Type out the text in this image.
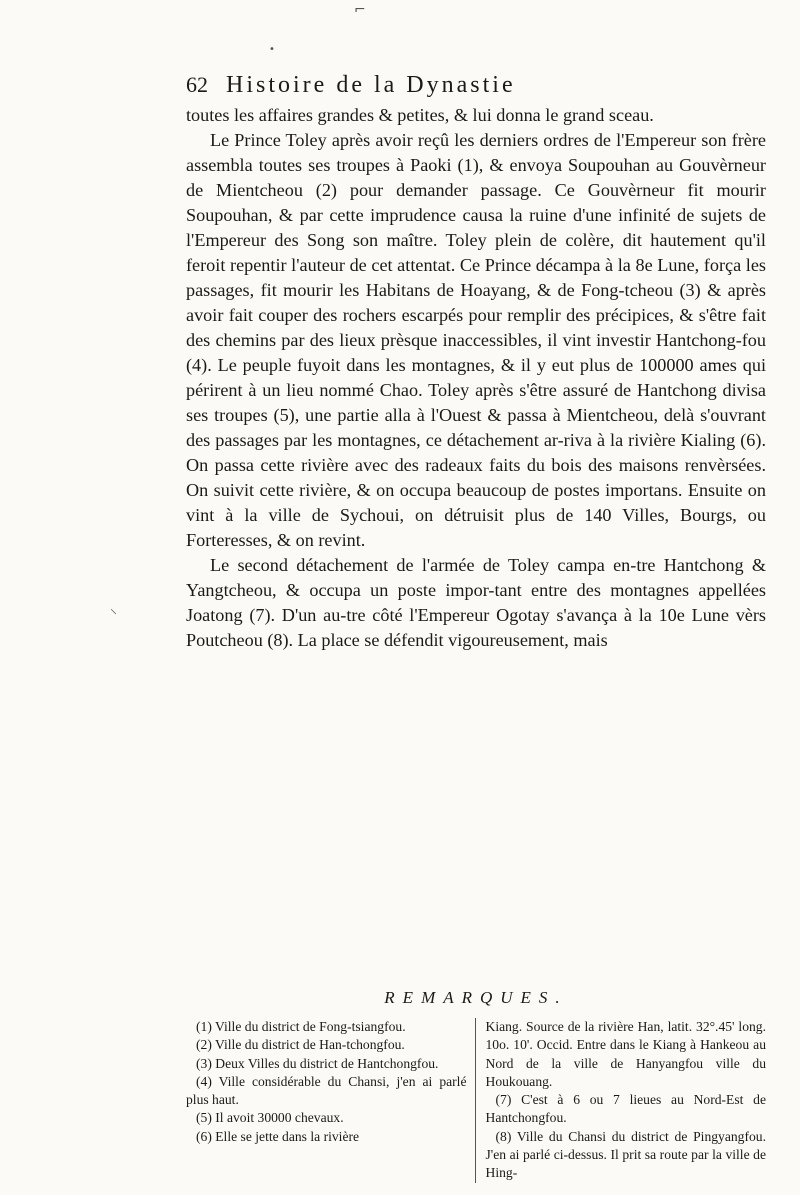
⌐
•
⸌
62 Histoire de la Dynastie

toutes les affaires grandes & petites, & lui donna le grand sceau.

Le Prince Toley après avoir reçû les derniers ordres de l'Empereur son frère assembla toutes ses troupes à Paoki (1), & envoya Soupouhan au Gouvèrneur de Mientcheou (2) pour demander passage. Ce Gouvèrneur fit mourir Soupouhan, & par cette imprudence causa la ruine d'une infinité de sujets de l'Empereur des Song son maître. Toley plein de colère, dit hautement qu'il feroit repentir l'auteur de cet attentat. Ce Prince décampa à la 8e Lune, força les passages, fit mourir les Habitans de Hoayang, & de Fong-tcheou (3) & après avoir fait couper des rochers escarpés pour remplir des précipices, & s'être fait des chemins par des lieux prèsque inaccessibles, il vint investir Hantchong-fou (4). Le peuple fuyoit dans les montagnes, & il y eut plus de 100000 ames qui périrent à un lieu nommé Chao. Toley après s'être assuré de Hantchong divisa ses troupes (5), une partie alla à l'Ouest & passa à Mientcheou, delà s'ouvrant des passages par les montagnes, ce détachement ar-riva à la rivière Kialing (6). On passa cette rivière avec des radeaux faits du bois des maisons renvèrsées. On suivit cette rivière, & on occupa beaucoup de postes importans. Ensuite on vint à la ville de Sychoui, on détruisit plus de 140 Villes, Bourgs, ou Forteresses, & on revint.

Le second détachement de l'armée de Toley campa en-tre Hantchong & Yangtcheou, & occupa un poste impor-tant entre des montagnes appellées Joatong (7). D'un au-tre côté l'Empereur Ogotay s'avança à la 10e Lune vèrs Poutcheou (8). La place se défendit vigoureusement, mais

REMARQUES.

(1) Ville du district de Fong-tsiangfou.

(2) Ville du district de Han-tchongfou.

(3) Deux Villes du district de Hantchongfou.

(4) Ville considérable du Chansi, j'en ai parlé plus haut.

(5) Il avoit 30000 chevaux.

(6) Elle se jette dans la rivière

Kiang. Source de la rivière Han, latit. 32°.45' long. 10o. 10'. Occid. Entre dans le Kiang à Hankeou au Nord de la ville de Hanyangfou ville du Houkouang.

(7) C'est à 6 ou 7 lieues au Nord-Est de Hantchongfou.

(8) Ville du Chansi du district de Pingyangfou. J'en ai parlé ci-dessus. Il prit sa route par la ville de Hing-
